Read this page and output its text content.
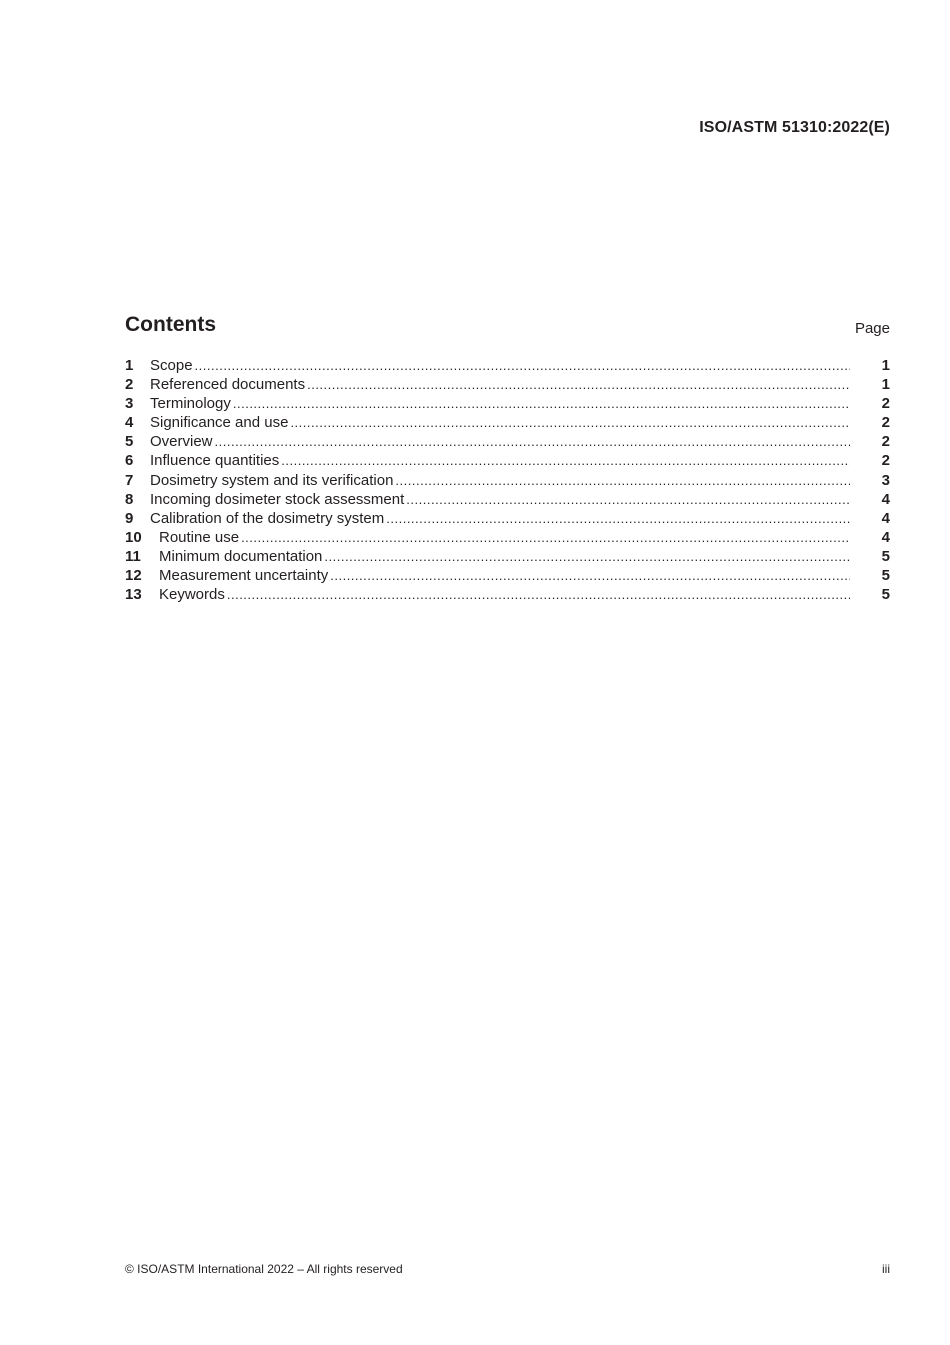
ISO/ASTM 51310:2022(E)
Contents	Page
1	Scope .....	1
2	Referenced documents .....	1
3	Terminology .....	2
4	Significance and use .....	2
5	Overview .....	2
6	Influence quantities .....	2
7	Dosimetry system and its verification .....	3
8	Incoming dosimeter stock assessment .....	4
9	Calibration of the dosimetry system .....	4
10	Routine use .....	4
11	Minimum documentation .....	5
12	Measurement uncertainty .....	5
13	Keywords .....	5
© ISO/ASTM International 2022 – All rights reserved	iii
